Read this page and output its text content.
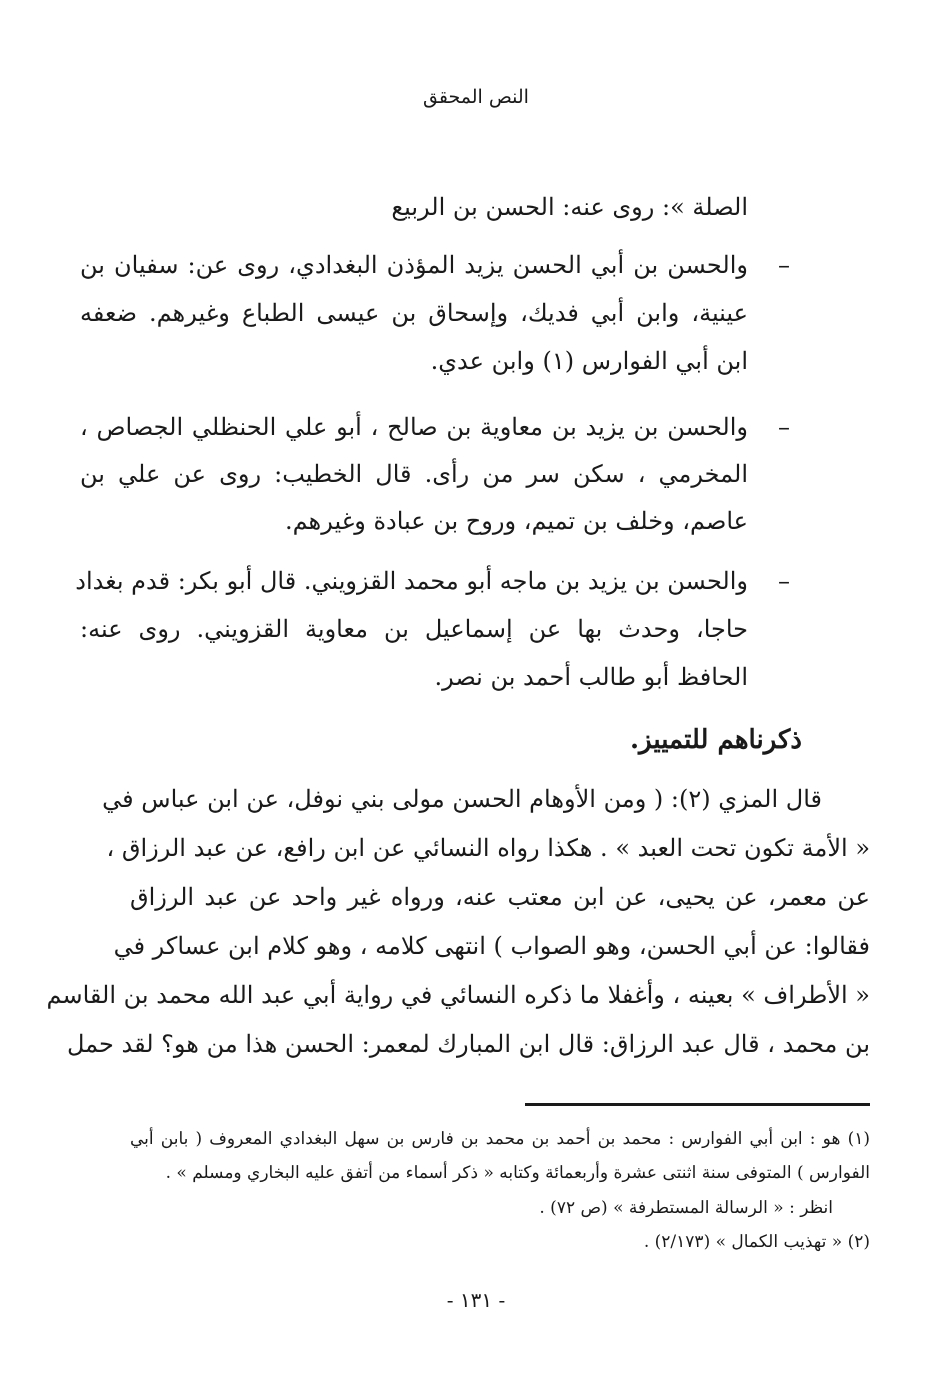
النص المحقق
الصلة »: روى عنه: الحسن بن الربيع
–
والحسن بن أبي الحسن يزيد المؤذن البغدادي، روى عن: سفيان بن
عينية، وابن أبي فديك، وإسحاق بن عيسى الطباع وغيرهم. ضعفه
ابن أبي الفوارس (١) وابن عدي.
–
والحسن بن يزيد بن معاوية بن صالح ، أبو علي الحنظلي الجصاص ،
المخرمي ، سكن سر من رأى. قال الخطيب: روى عن علي بن
عاصم، وخلف بن تميم، وروح بن عبادة وغيرهم.
–
والحسن بن يزيد بن ماجه أبو محمد القزويني. قال أبو بكر: قدم بغداد
حاجا، وحدث بها عن إسماعيل بن معاوية القزويني. روى عنه:
الحافظ أبو طالب أحمد بن نصر.
ذكرناهم للتمييز.
قال المزي (٢): ( ومن الأوهام الحسن مولى بني نوفل، عن ابن عباس في
« الأمة تكون تحت العبد » . هكذا رواه النسائي عن ابن رافع، عن عبد الرزاق ،
عن معمر، عن يحيى، عن ابن معتب عنه، ورواه غير واحد عن عبد الرزاق
فقالوا: عن أبي الحسن، وهو الصواب ) انتهى كلامه ، وهو كلام ابن عساكر في
« الأطراف » بعينه ، وأغفلا ما ذكره النسائي في رواية أبي عبد الله محمد بن القاسم
بن محمد ، قال عبد الرزاق: قال ابن المبارك لمعمر: الحسن هذا من هو؟ لقد حمل
(١) هو : ابن أبي الفوارس : محمد بن أحمد بن محمد بن فارس بن سهل البغدادي المعروف ( بابن أبي
الفوارس ) المتوفى سنة اثنتى عشرة وأربعمائة وكتابه « ذكر أسماء من أتفق عليه البخاري ومسلم » .
انظر : « الرسالة المستطرفة » (ص ٧٢) .
(٢) « تهذيب الكمال » (٢/١٧٣) .
- ١٣١ -
